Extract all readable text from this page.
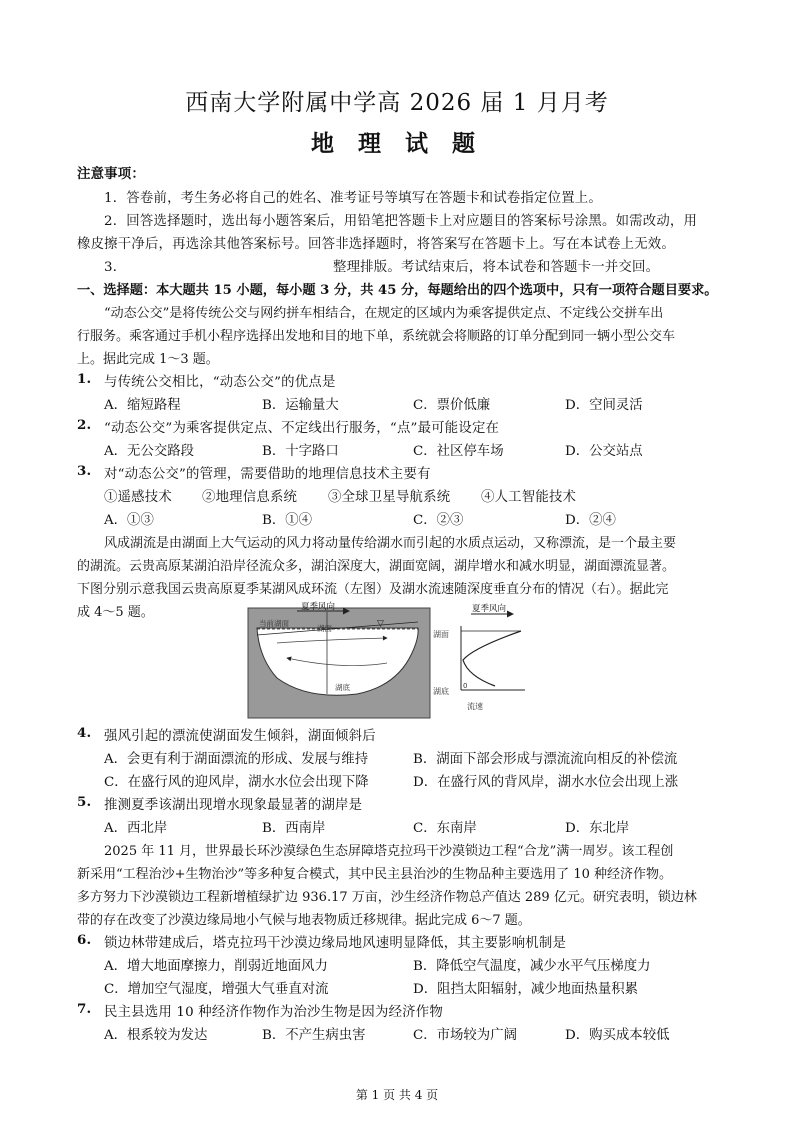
西南大学附属中学高 2026 届 1 月月考
地 理 试 题
注意事项：
1．答卷前，考生务必将自己的姓名、准考证号等填写在答题卡和试卷指定位置上。
2．回答选择题时，选出每小题答案后，用铅笔把答题卡上对应题目的答案标号涂黑。如需改动，用
橡皮擦干净后，再选涂其他答案标号。回答非选择题时，将答案写在答题卡上。写在本试卷上无效。
3．	整理排版。考试结束后，将本试卷和答题卡一并交回。
一、选择题：本大题共 15 小题，每小题 3 分，共 45 分，每题给出的四个选项中，只有一项符合题目要求。
“动态公交”是将传统公交与网约拼车相结合，在规定的区域内为乘客提供定点、不定线公交拼车出
行服务。乘客通过手机小程序选择出发地和目的地下单，系统就会将顺路的订单分配到同一辆小型公交车
上。据此完成 1～3 题。
1. 与传统公交相比，“动态公交”的优点是
A．缩短路程	B．运输量大	C．票价低廉	D．空间灵活
2. “动态公交”为乘客提供定点、不定线出行服务，“点”最可能设定在
A．无公交路段	B．十字路口	C．社区停车场	D．公交站点
3. 对“动态公交”的管理，需要借助的地理信息技术主要有
①遥感技术 ②地理信息系统 ③全球卫星导航系统 ④人工智能技术
A．①③	B．①④	C．②③	D．②④
风成湖流是由湖面上大气运动的风力将动量传给湖水而引起的水质点运动，又称漂流，是一个最主要
的湖流。云贵高原某湖泊沿岸径流众多，湖泊深度大，湖面宽阔，湖岸增水和减水明显，湖面漂流显著。
下图分别示意我国云贵高原夏季某湖风成环流（左图）及湖水流速随深度垂直分布的情况（右）。据此完
成 4～5 题。	夏季风向
当前湖面
湖面	▽
湖底
夏季风向
湖面
湖底
0
流速
4. 强风引起的漂流使湖面发生倾斜，湖面倾斜后
A．会更有利于湖面漂流的形成、发展与维持	B．湖面下部会形成与漂流流向相反的补偿流
C．在盛行风的迎风岸，湖水水位会出现下降	D．在盛行风的背风岸，湖水水位会出现上涨
5. 推测夏季该湖出现增水现象最显著的湖岸是
A．西北岸	B．西南岸	C．东南岸	D．东北岸
2025 年 11 月，世界最长环沙漠绿色生态屏障塔克拉玛干沙漠锁边工程“合龙”满一周岁。该工程创
新采用“工程治沙+生物治沙”等多种复合模式，其中民主县治沙的生物品种主要选用了 10 种经济作物。
多方努力下沙漠锁边工程新增植绿扩边 936.17 万亩，沙生经济作物总产值达 289 亿元。研究表明，锁边林
带的存在改变了沙漠边缘局地小气候与地表物质迁移规律。据此完成 6～7 题。
6. 锁边林带建成后，塔克拉玛干沙漠边缘局地风速明显降低，其主要影响机制是
A．增大地面摩擦力，削弱近地面风力	B．降低空气温度，减少水平气压梯度力
C．增加空气湿度，增强大气垂直对流	D．阻挡太阳辐射，减少地面热量积累
7. 民主县选用 10 种经济作物作为治沙生物是因为经济作物
A．根系较为发达	B．不产生病虫害	C．市场较为广阔	D．购买成本较低
第 1 页 共 4 页
